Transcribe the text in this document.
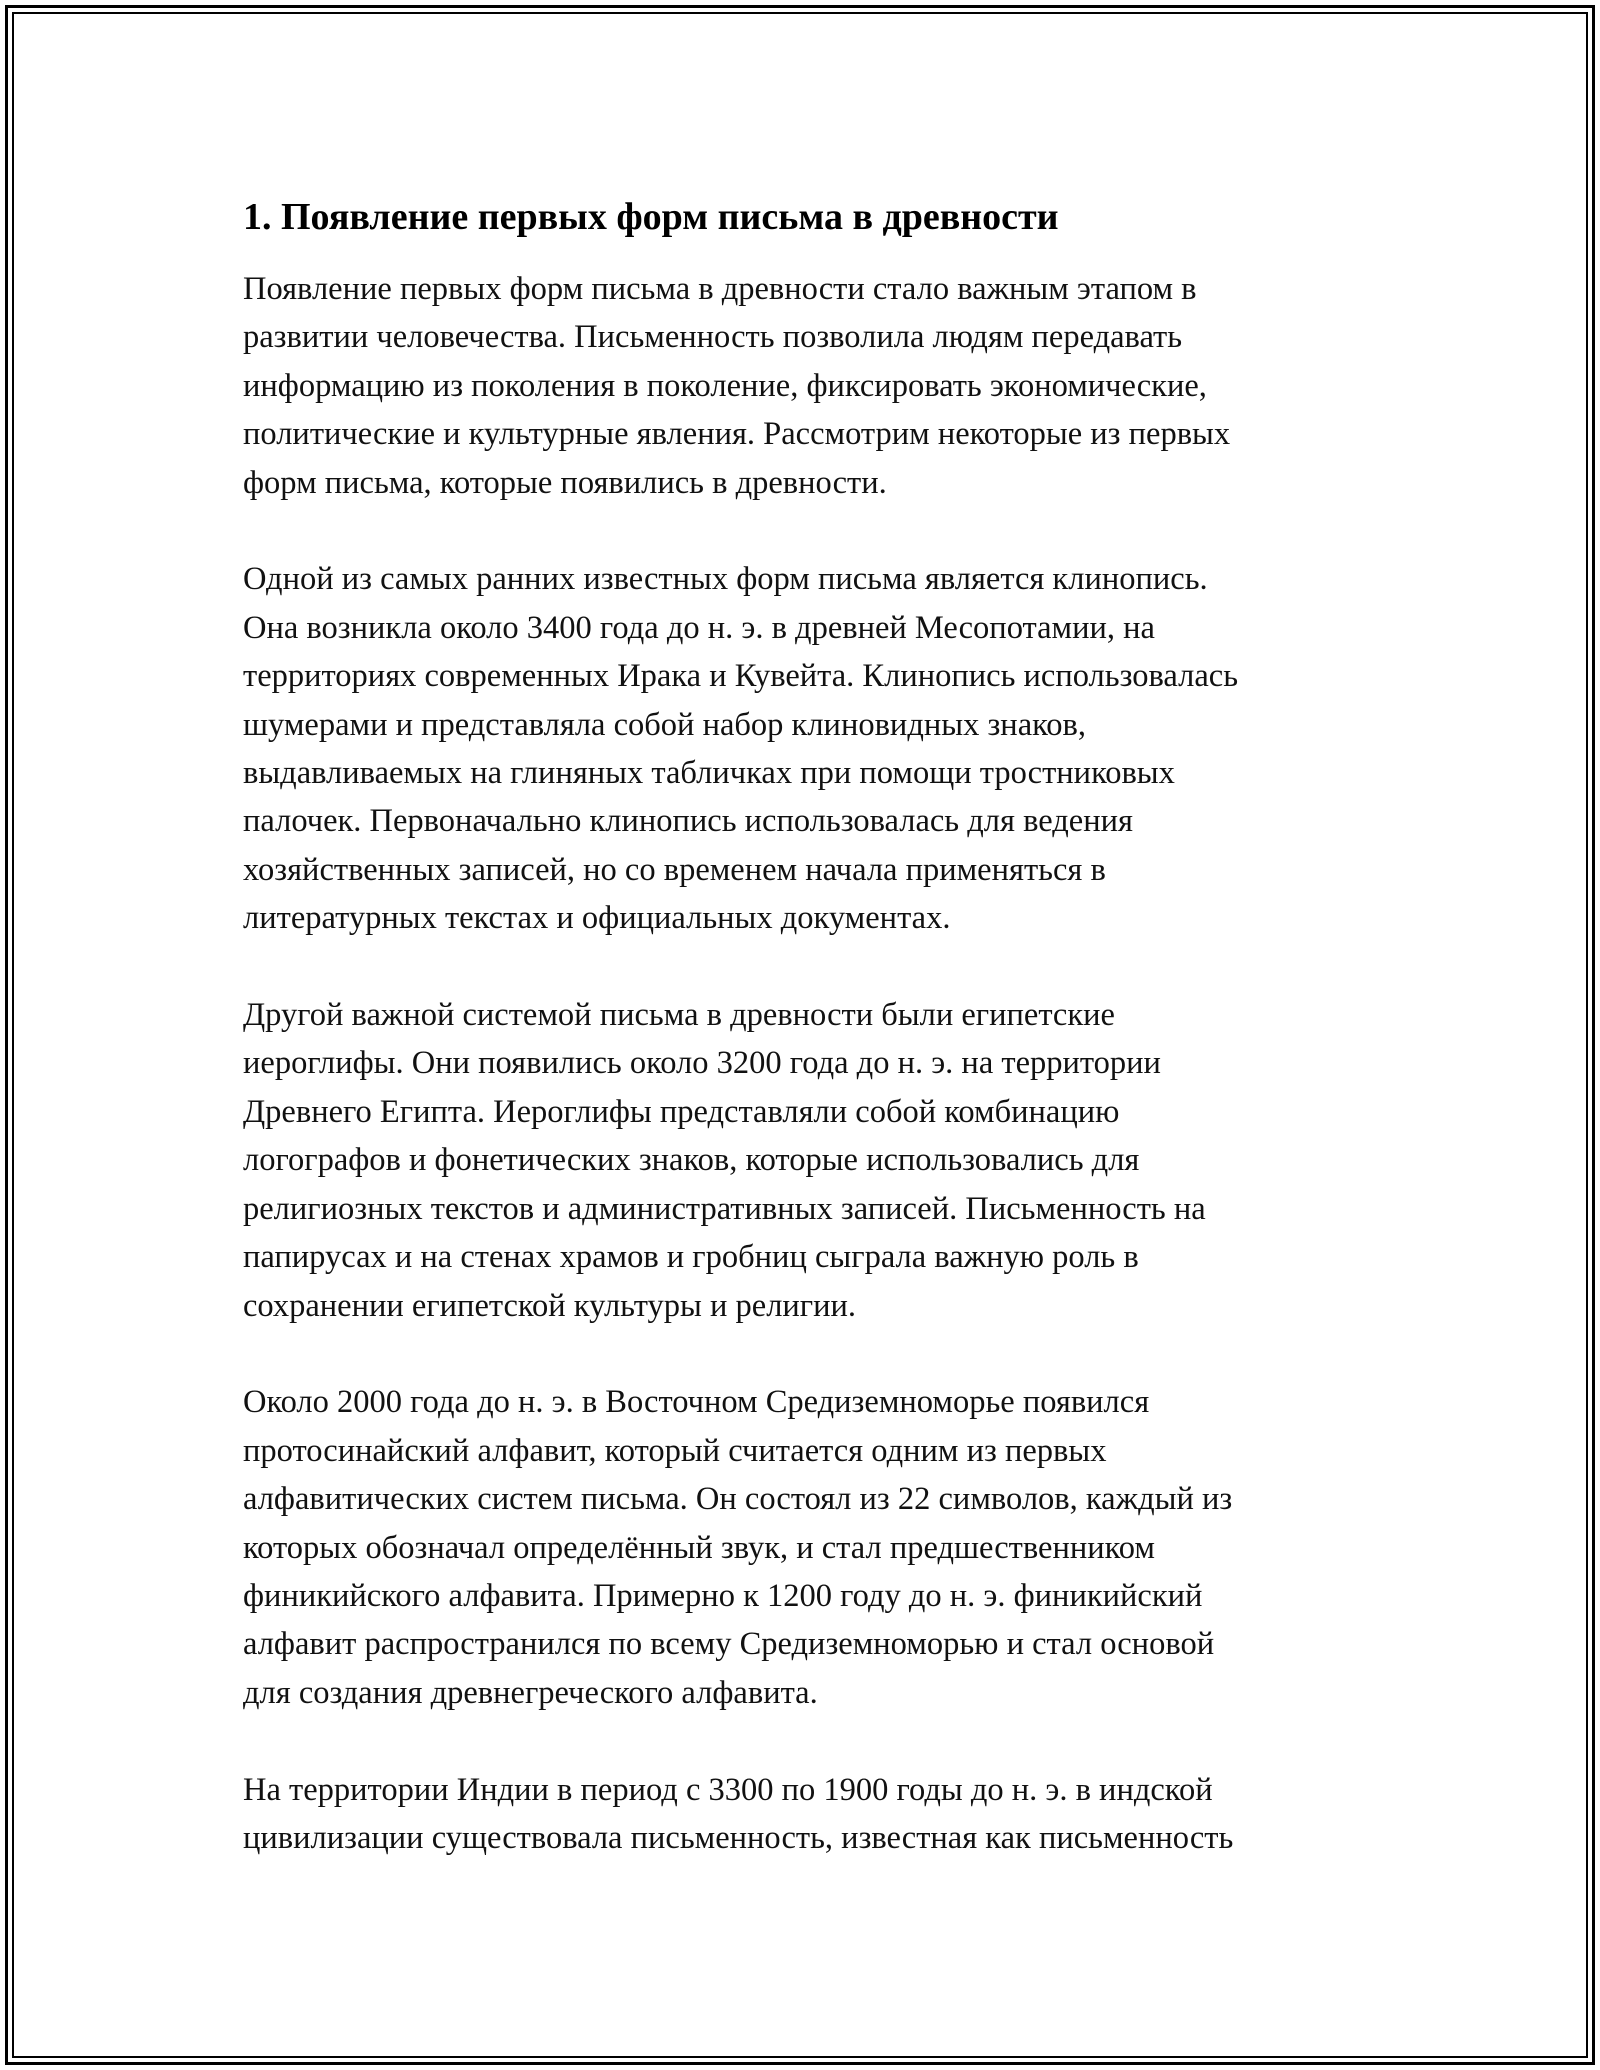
1. Появление первых форм письма в древности

Появление первых форм письма в древности стало важным этапом в
развитии человечества. Письменность позволила людям передавать
информацию из поколения в поколение, фиксировать экономические,
политические и культурные явления. Рассмотрим некоторые из первых
форм письма, которые появились в древности.

Одной из самых ранних известных форм письма является клинопись.
Она возникла около 3400 года до н. э. в древней Месопотамии, на
территориях современных Ирака и Кувейта. Клинопись использовалась
шумерами и представляла собой набор клиновидных знаков,
выдавливаемых на глиняных табличках при помощи тростниковых
палочек. Первоначально клинопись использовалась для ведения
хозяйственных записей, но со временем начала применяться в
литературных текстах и официальных документах.

Другой важной системой письма в древности были египетские
иероглифы. Они появились около 3200 года до н. э. на территории
Древнего Египта. Иероглифы представляли собой комбинацию
логографов и фонетических знаков, которые использовались для
религиозных текстов и административных записей. Письменность на
папирусах и на стенах храмов и гробниц сыграла важную роль в
сохранении египетской культуры и религии.

Около 2000 года до н. э. в Восточном Средиземноморье появился
протосинайский алфавит, который считается одним из первых
алфавитических систем письма. Он состоял из 22 символов, каждый из
которых обозначал определённый звук, и стал предшественником
финикийского алфавита. Примерно к 1200 году до н. э. финикийский
алфавит распространился по всему Средиземноморью и стал основой
для создания древнегреческого алфавита.

На территории Индии в период с 3300 по 1900 годы до н. э. в индской
цивилизации существовала письменность, известная как письменность
